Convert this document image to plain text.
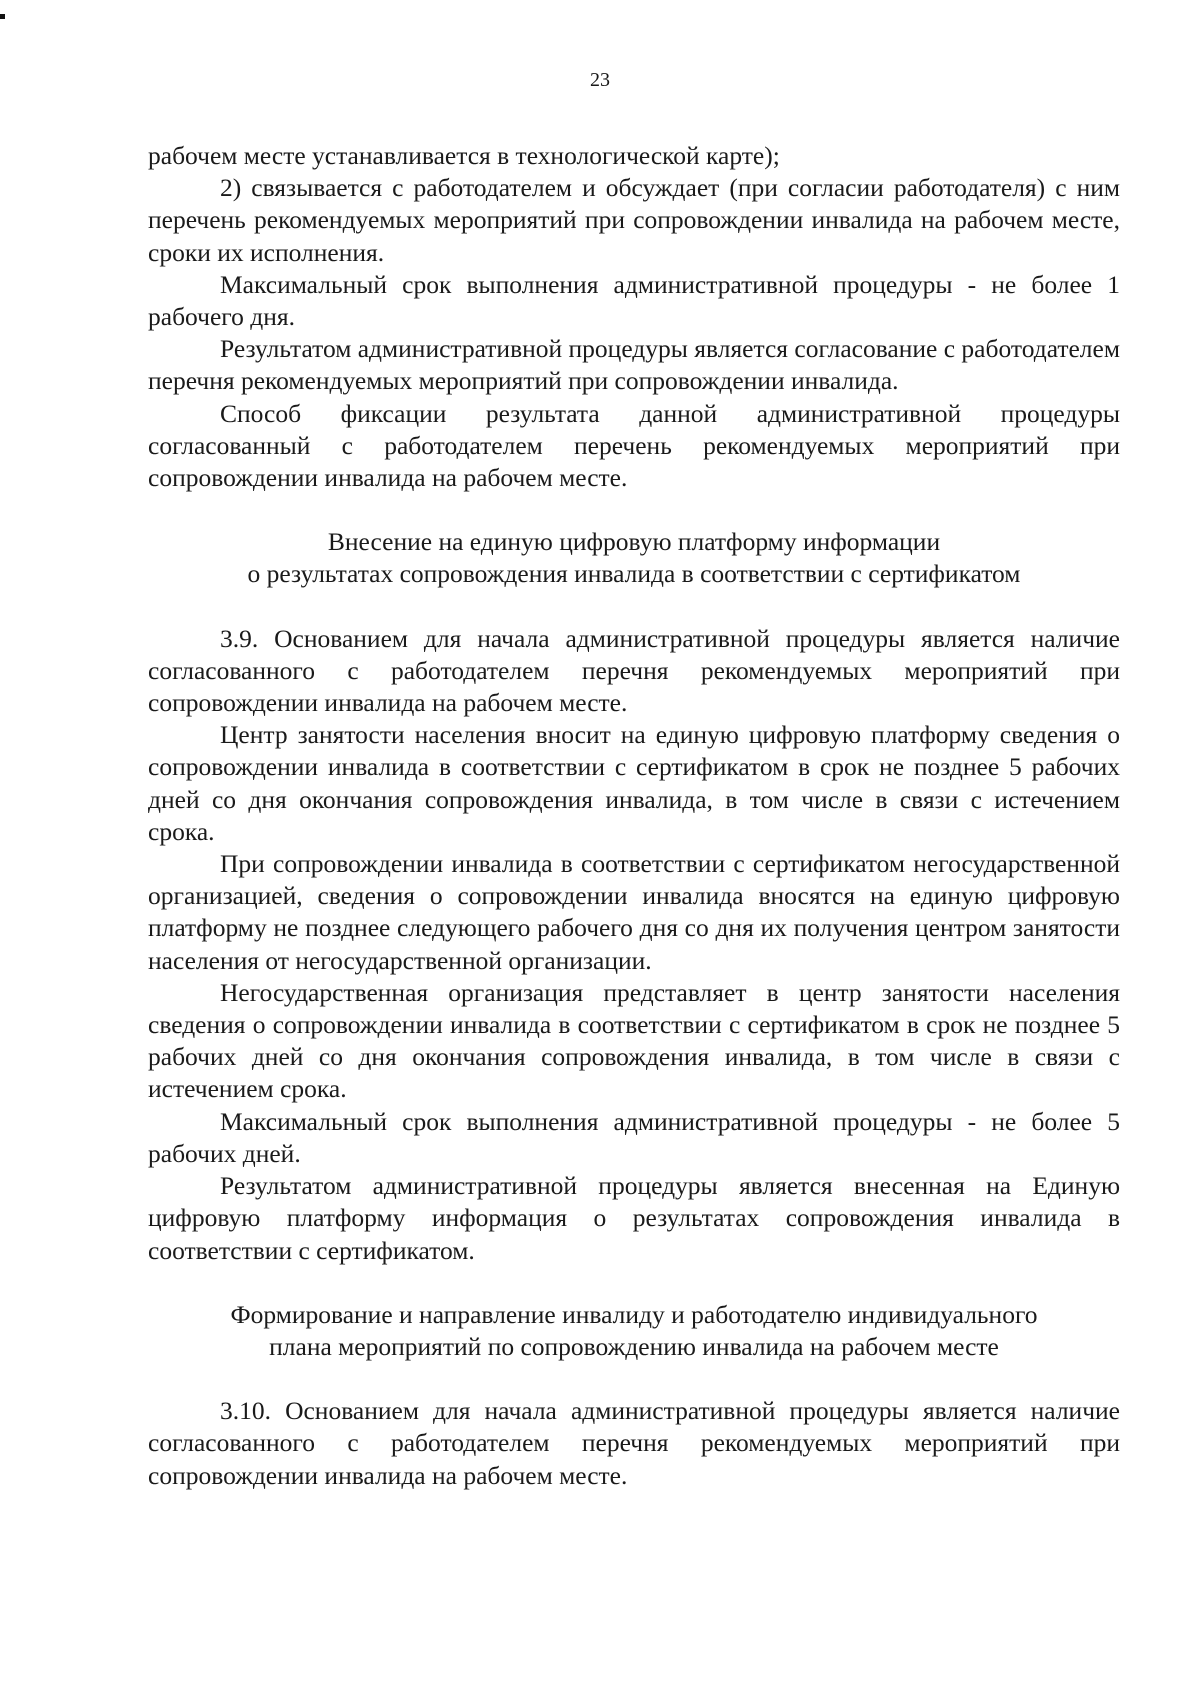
23

рабочем месте устанавливается в технологической карте);

2) связывается с работодателем и обсуждает (при согласии работодателя) с ним перечень рекомендуемых мероприятий при сопровождении инвалида на рабочем месте, сроки их исполнения.

Максимальный срок выполнения административной процедуры - не более 1 рабочего дня.

Результатом административной процедуры является согласование с работодателем перечня рекомендуемых мероприятий при сопровождении инвалида.

Способ фиксации результата данной административной процедуры согласованный с работодателем перечень рекомендуемых мероприятий при сопровождении инвалида на рабочем месте.

Внесение на единую цифровую платформу информации
о результатах сопровождения инвалида в соответствии с сертификатом

3.9. Основанием для начала административной процедуры является наличие согласованного с работодателем перечня рекомендуемых мероприятий при сопровождении инвалида на рабочем месте.

Центр занятости населения вносит на единую цифровую платформу сведения о сопровождении инвалида в соответствии с сертификатом в срок не позднее 5 рабочих дней со дня окончания сопровождения инвалида, в том числе в связи с истечением срока.

При сопровождении инвалида в соответствии с сертификатом негосударственной организацией, сведения о сопровождении инвалида вносятся на единую цифровую платформу не позднее следующего рабочего дня со дня их получения центром занятости населения от негосударственной организации.

Негосударственная организация представляет в центр занятости населения сведения о сопровождении инвалида в соответствии с сертификатом в срок не позднее 5 рабочих дней со дня окончания сопровождения инвалида, в том числе в связи с истечением срока.

Максимальный срок выполнения административной процедуры - не более 5 рабочих дней.

Результатом административной процедуры является внесенная на Единую цифровую платформу информация о результатах сопровождения инвалида в соответствии с сертификатом.

Формирование и направление инвалиду и работодателю индивидуального
плана мероприятий по сопровождению инвалида на рабочем месте

3.10. Основанием для начала административной процедуры является наличие согласованного с работодателем перечня рекомендуемых мероприятий при сопровождении инвалида на рабочем месте.
